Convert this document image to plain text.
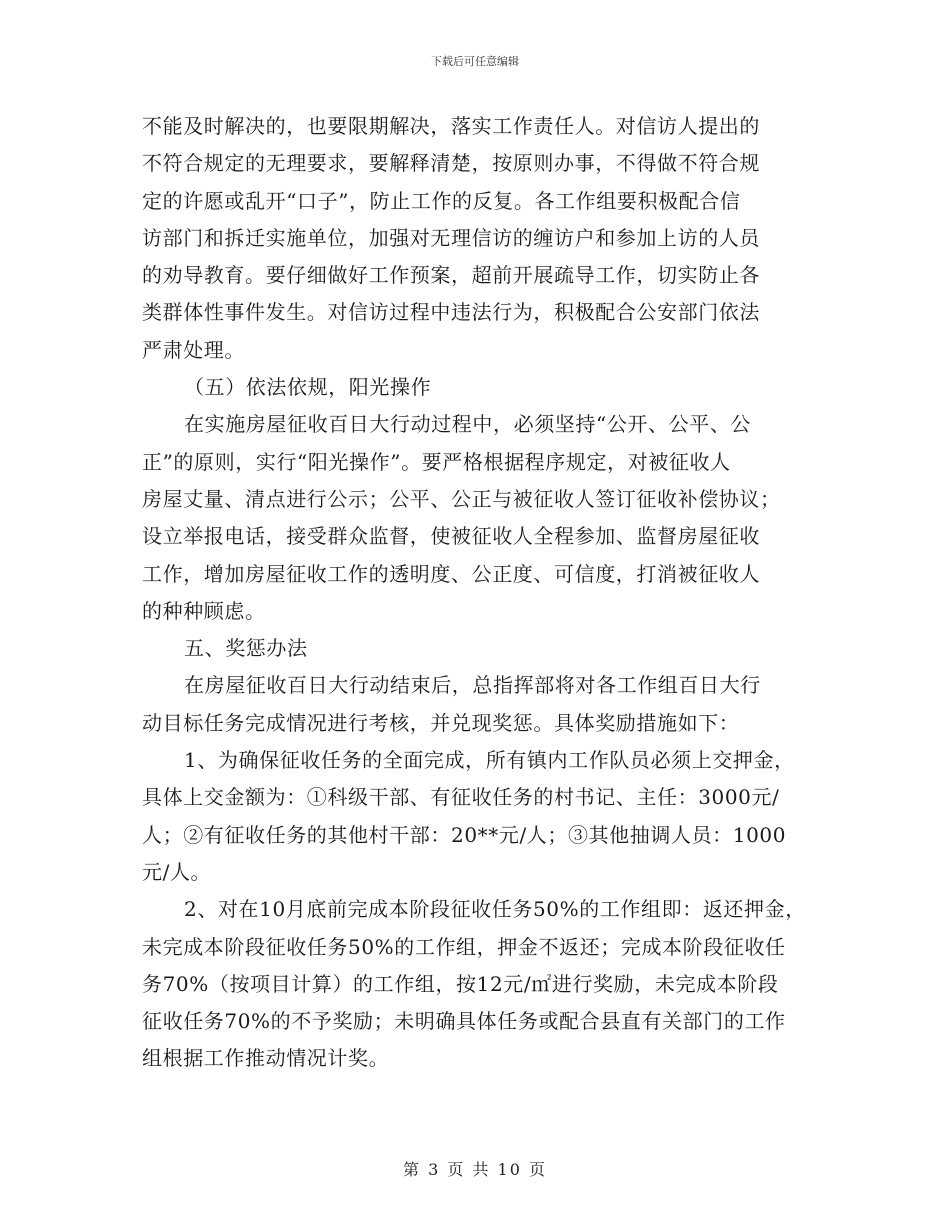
下载后可任意编辑
不能及时解决的，也要限期解决，落实工作责任人。对信访人提出的
不符合规定的无理要求，要解释清楚，按原则办事，不得做不符合规
定的许愿或乱开“口子”，防止工作的反复。各工作组要积极配合信
访部门和拆迁实施单位，加强对无理信访的缠访户和参加上访的人员
的劝导教育。要仔细做好工作预案，超前开展疏导工作，切实防止各
类群体性事件发生。对信访过程中违法行为，积极配合公安部门依法
严肃处理。
（五）依法依规，阳光操作
在实施房屋征收百日大行动过程中，必须坚持“公开、公平、公
正”的原则，实行“阳光操作”。要严格根据程序规定，对被征收人
房屋丈量、清点进行公示；公平、公正与被征收人签订征收补偿协议；
设立举报电话，接受群众监督，使被征收人全程参加、监督房屋征收
工作，增加房屋征收工作的透明度、公正度、可信度，打消被征收人
的种种顾虑。
五、奖惩办法
在房屋征收百日大行动结束后，总指挥部将对各工作组百日大行
动目标任务完成情况进行考核，并兑现奖惩。具体奖励措施如下：
1、为确保征收任务的全面完成，所有镇内工作队员必须上交押金，
具体上交金额为：①科级干部、有征收任务的村书记、主任：3000元/
人；②有征收任务的其他村干部：20**元/人；③其他抽调人员：1000
元/人。
2、对在10月底前完成本阶段征收任务50%的工作组即：返还押金，
未完成本阶段征收任务50%的工作组，押金不返还；完成本阶段征收任
务70%（按项目计算）的工作组，按12元/㎡进行奖励，未完成本阶段
征收任务70%的不予奖励；未明确具体任务或配合县直有关部门的工作
组根据工作推动情况计奖。
第 3 页 共 10 页
